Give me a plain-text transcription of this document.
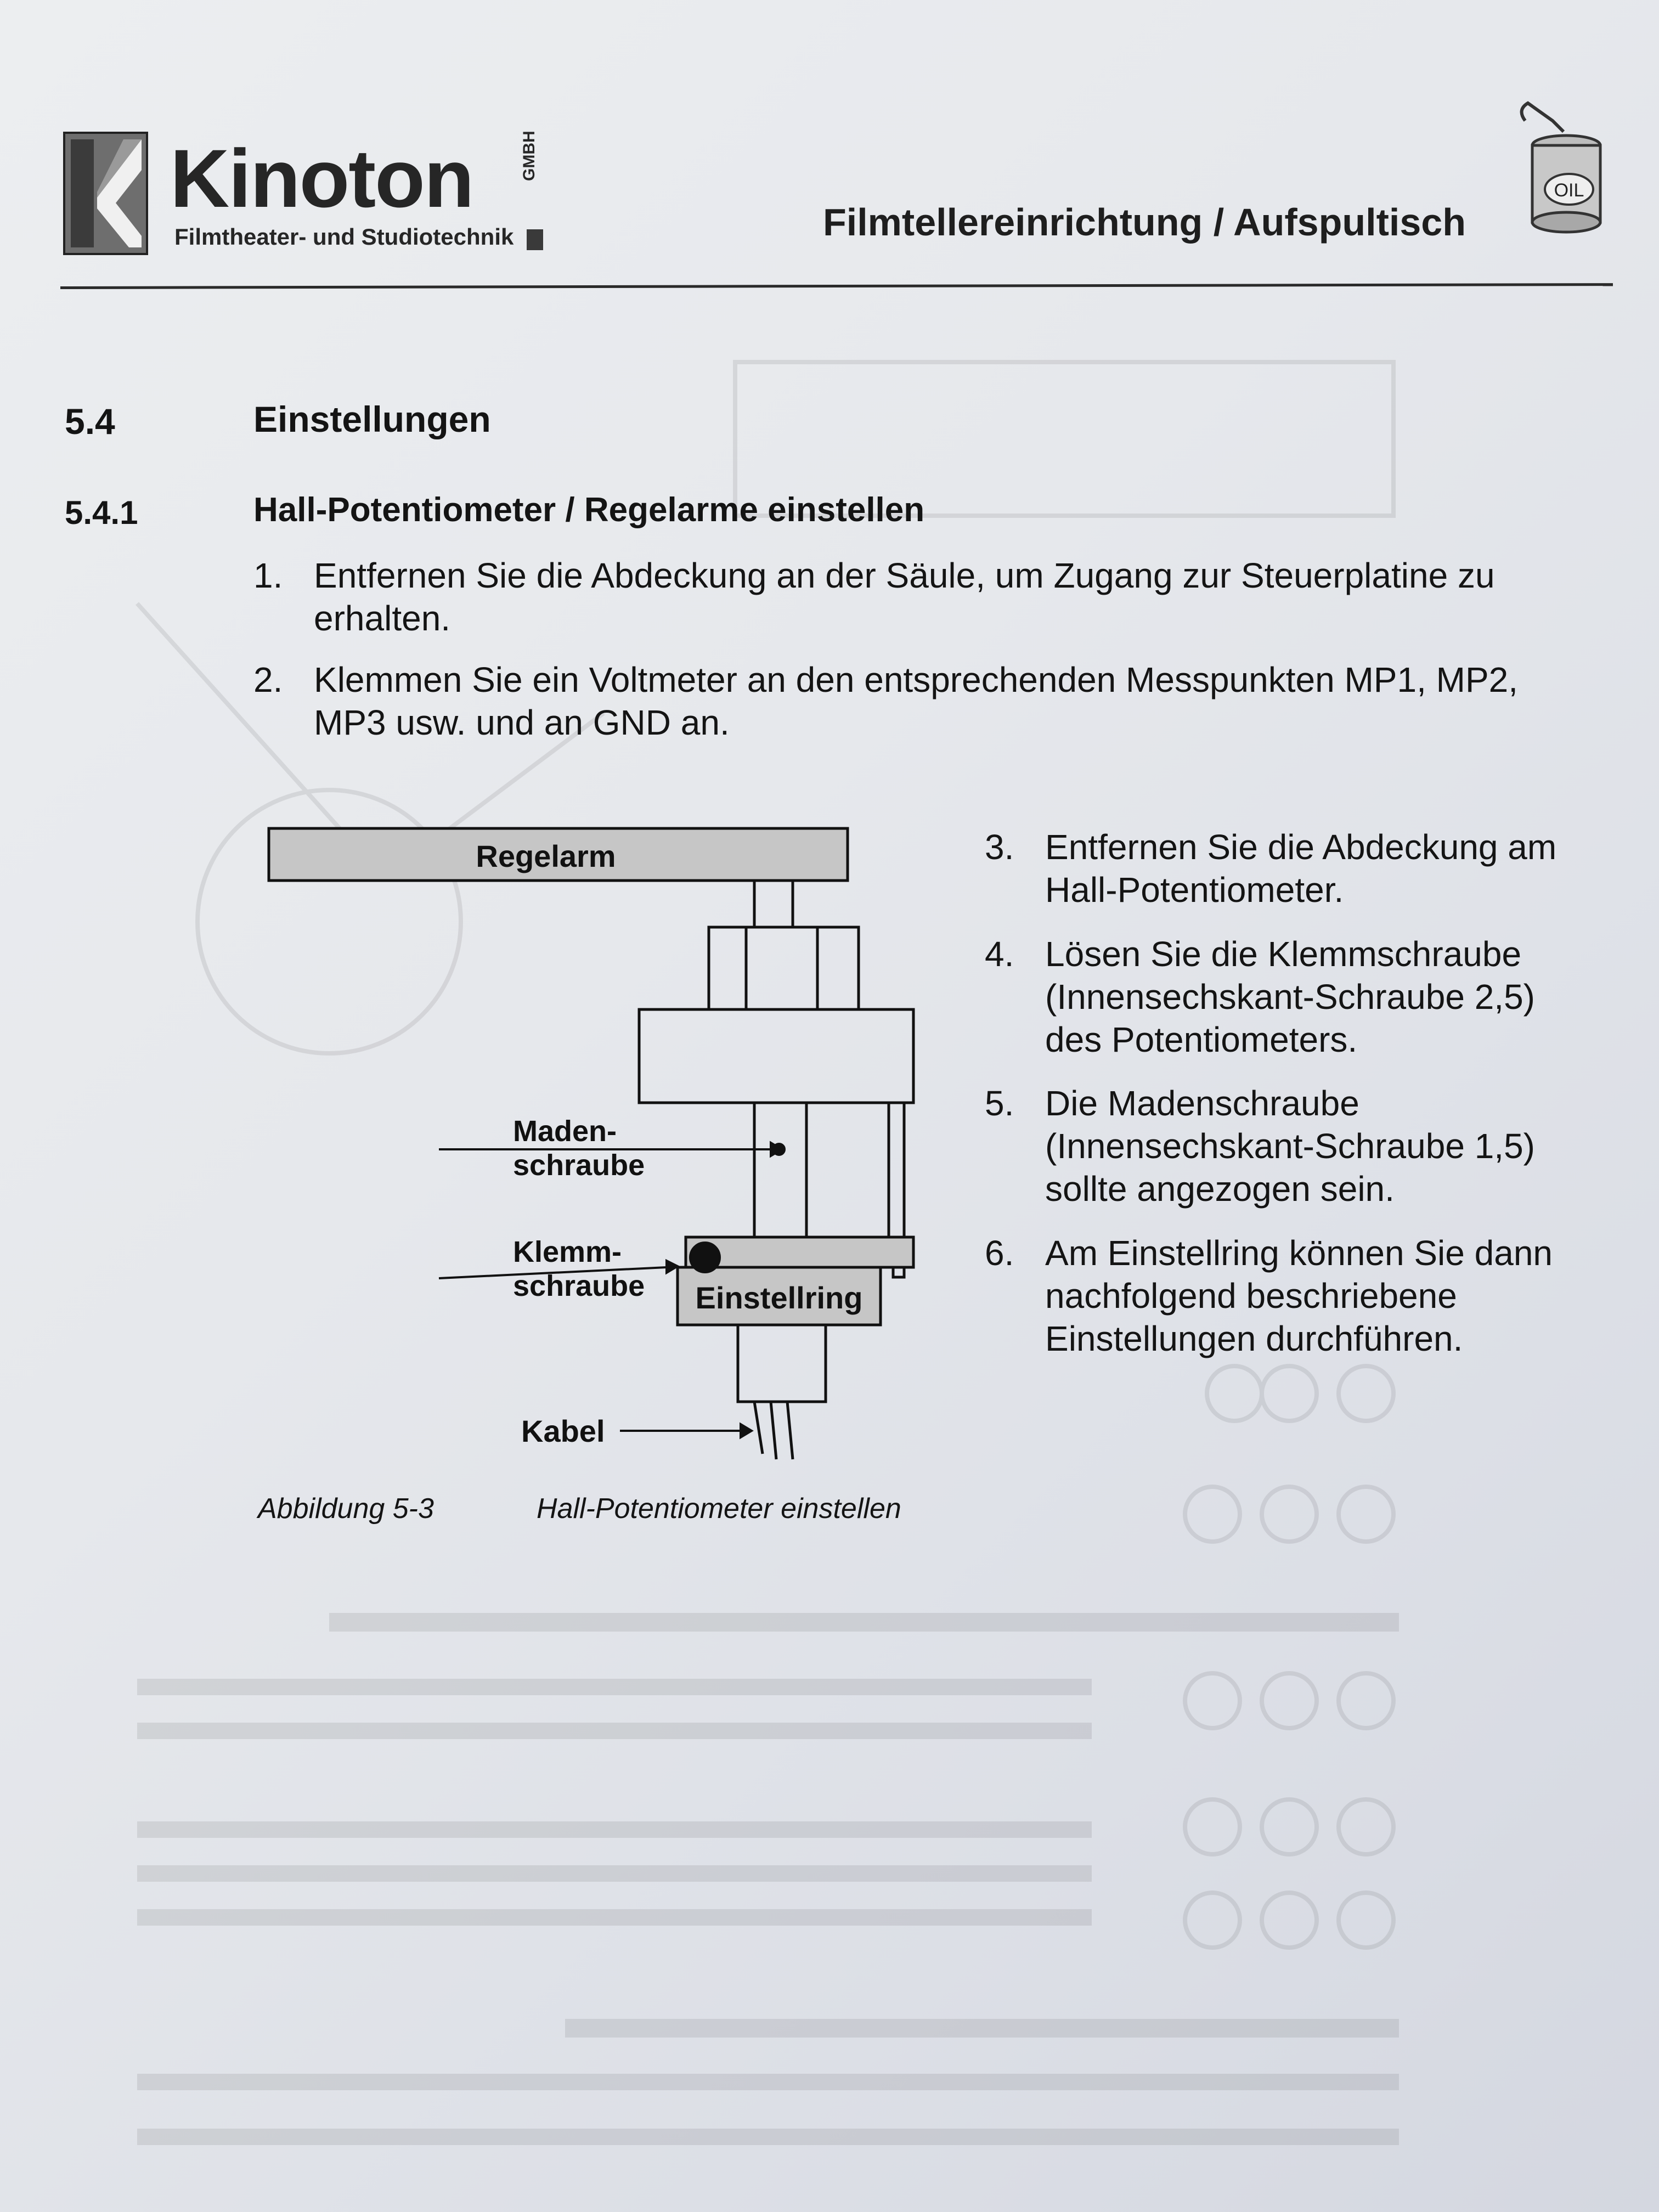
Kinoton
Filmtheater- und Studiotechnik
GMBH
Filmtellereinrichtung / Aufspultisch
OIL
5.4	Einstellungen
5.4.1	Hall-Potentiometer / Regelarme einstellen
1. Entfernen Sie die Abdeckung an der Säule, um Zugang zur Steuerplatine zu
erhalten.
2. Klemmen Sie ein Voltmeter an den entsprechenden Messpunkten MP1, MP2,
MP3 usw. und an GND an.
Regelarm
Maden-
schraube
Klemm-
schraube Einstellring
Kabel
Abbildung 5-3	Hall-Potentiometer einstellen
3. Entfernen Sie die Abdeckung am
Hall-Potentiometer.
4. Lösen Sie die Klemmschraube
(Innensechskant-Schraube 2,5)
des Potentiometers.
5. Die Madenschraube
(Innensechskant-Schraube 1,5)
sollte angezogen sein.
6. Am Einstellring können Sie dann
nachfolgend beschriebene
Einstellungen durchführen.
